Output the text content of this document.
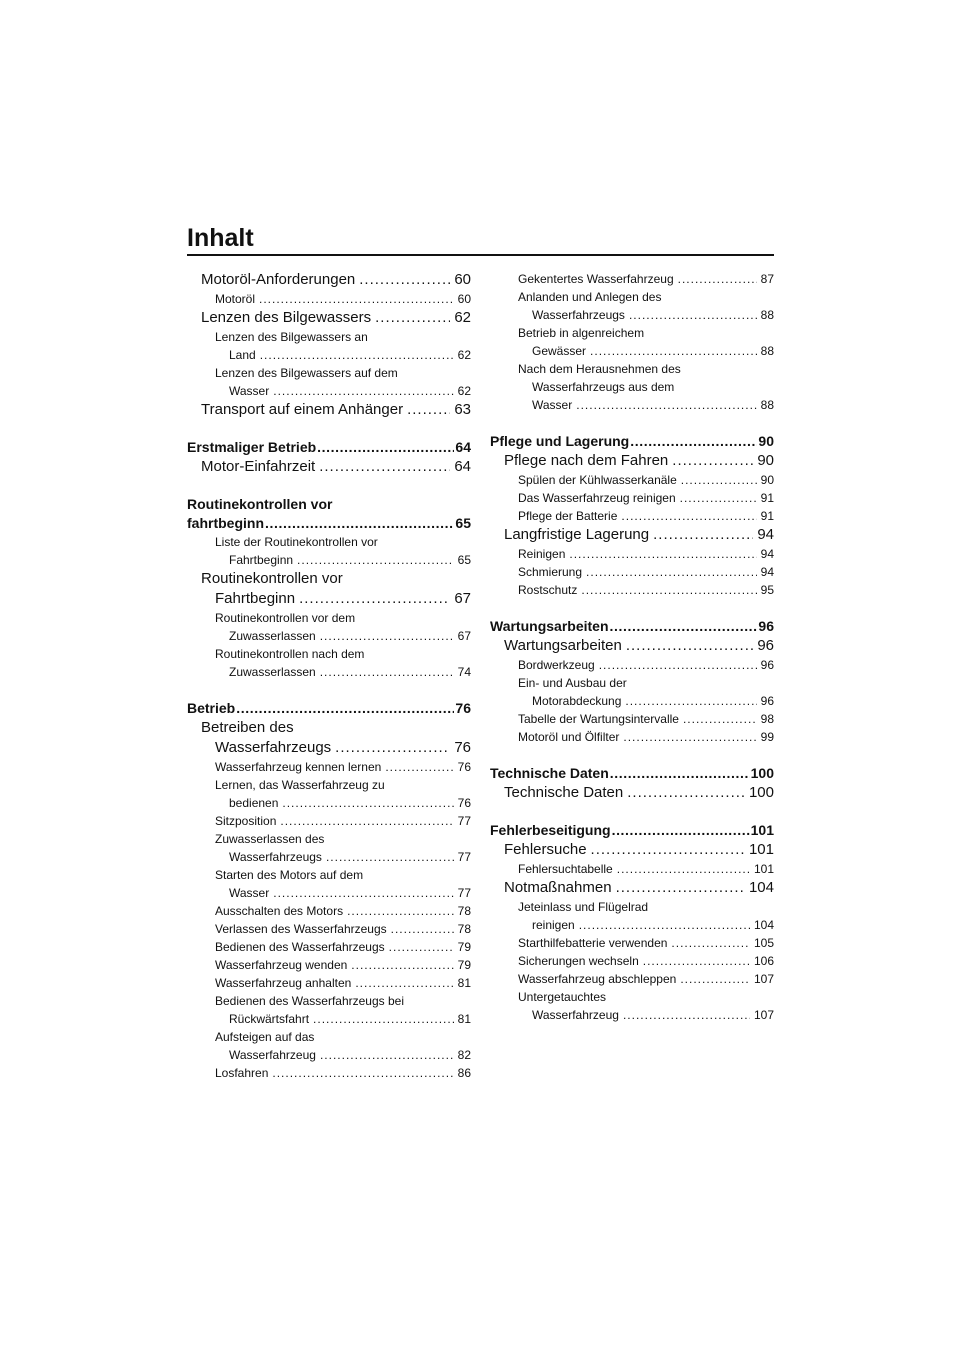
Inhalt
Motoröl-Anforderungen .....	60
Motoröl .....	60
Lenzen des Bilgewassers .....	62
Lenzen des Bilgewassers an
Land .....	62
Lenzen des Bilgewassers auf dem
Wasser .....	62
Transport auf einem Anhänger .....	63
Erstmaliger Betrieb .....	64
Motor-Einfahrzeit .....	64
Routinekontrollen vor
fahrtbeginn .....	65
Liste der Routinekontrollen vor
Fahrtbeginn .....	65
Routinekontrollen vor
Fahrtbeginn .....	67
Routinekontrollen vor dem
Zuwasserlassen .....	67
Routinekontrollen nach dem
Zuwasserlassen .....	74
Betrieb .....	76
Betreiben des
Wasserfahrzeugs .....	76
Wasserfahrzeug kennen lernen .....	76
Lernen, das Wasserfahrzeug zu
bedienen .....	76
Sitzposition .....	77
Zuwasserlassen des
Wasserfahrzeugs .....	77
Starten des Motors auf dem
Wasser .....	77
Ausschalten des Motors .....	78
Verlassen des Wasserfahrzeugs .....	78
Bedienen des Wasserfahrzeugs .....	79
Wasserfahrzeug wenden .....	79
Wasserfahrzeug anhalten .....	81
Bedienen des Wasserfahrzeugs bei
Rückwärtsfahrt .....	81
Aufsteigen auf das
Wasserfahrzeug .....	82
Losfahren .....	86
Gekentertes Wasserfahrzeug .....	87
Anlanden und Anlegen des
Wasserfahrzeugs .....	88
Betrieb in algenreichem
Gewässer .....	88
Nach dem Herausnehmen des
Wasserfahrzeugs aus dem
Wasser .....	88
Pflege und Lagerung .....	90
Pflege nach dem Fahren .....	90
Spülen der Kühlwasserkanäle .....	90
Das Wasserfahrzeug reinigen .....	91
Pflege der Batterie .....	91
Langfristige Lagerung .....	94
Reinigen .....	94
Schmierung .....	94
Rostschutz .....	95
Wartungsarbeiten .....	96
Wartungsarbeiten .....	96
Bordwerkzeug .....	96
Ein- und Ausbau der
Motorabdeckung .....	96
Tabelle der Wartungsintervalle .....	98
Motoröl und Ölfilter .....	99
Technische Daten .....	100
Technische Daten .....	100
Fehlerbeseitigung .....	101
Fehlersuche .....	101
Fehlersuchtabelle .....	101
Notmaßnahmen .....	104
Jeteinlass und Flügelrad
reinigen .....	104
Starthilfebatterie verwenden .....	105
Sicherungen wechseln .....	106
Wasserfahrzeug abschleppen .....	107
Untergetauchtes
Wasserfahrzeug .....	107
